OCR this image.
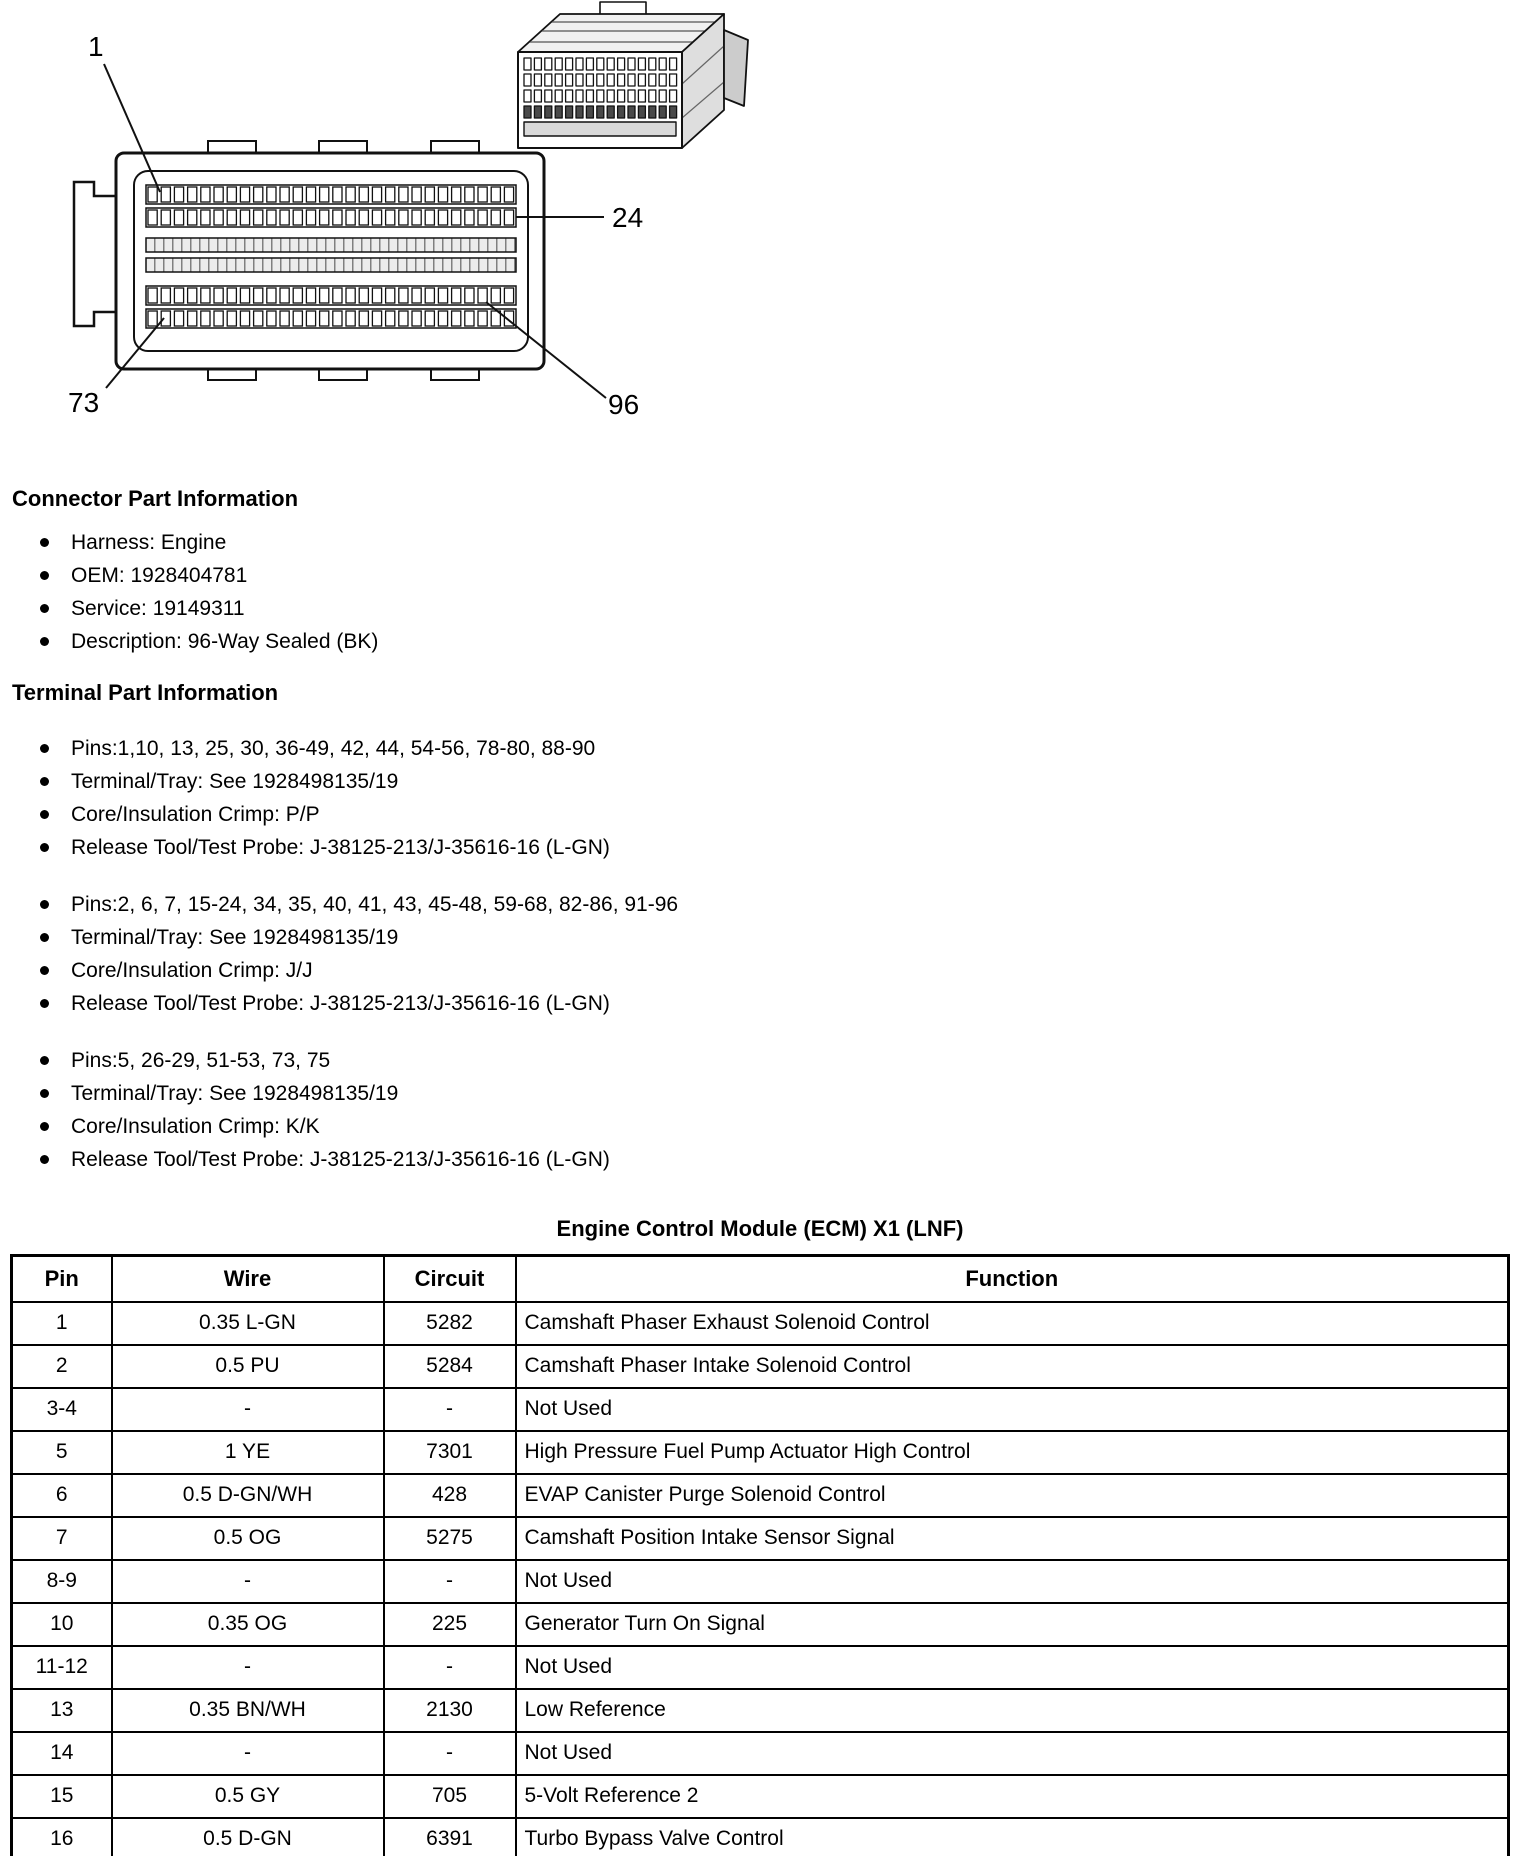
1
24
73	96
Connector Part Information
Harness: Engine
OEM: 1928404781
Service: 19149311
Description: 96-Way Sealed (BK)
Terminal Part Information
Pins:1,10, 13, 25, 30, 36-49, 42, 44, 54-56, 78-80, 88-90
Terminal/Tray: See 1928498135/19
Core/Insulation Crimp: P/P
Release Tool/Test Probe: J-38125-213/J-35616-16 (L-GN)
Pins:2, 6, 7, 15-24, 34, 35, 40, 41, 43, 45-48, 59-68, 82-86, 91-96
Terminal/Tray: See 1928498135/19
Core/Insulation Crimp: J/J
Release Tool/Test Probe: J-38125-213/J-35616-16 (L-GN)
Pins:5, 26-29, 51-53, 73, 75
Terminal/Tray: See 1928498135/19
Core/Insulation Crimp: K/K
Release Tool/Test Probe: J-38125-213/J-35616-16 (L-GN)
Engine Control Module (ECM) X1 (LNF)
Pin	Wire	Circuit	Function
1	0.35 L-GN	5282	Camshaft Phaser Exhaust Solenoid Control
2	0.5 PU	5284	Camshaft Phaser Intake Solenoid Control
3-4	-	-	Not Used
5	1 YE	7301	High Pressure Fuel Pump Actuator High Control
6	0.5 D-GN/WH	428	EVAP Canister Purge Solenoid Control
7	0.5 OG	5275	Camshaft Position Intake Sensor Signal
8-9	-	-	Not Used
10	0.35 OG	225	Generator Turn On Signal
11-12	-	-	Not Used
13	0.35 BN/WH	2130	Low Reference
14	-	-	Not Used
15	0.5 GY	705	5-Volt Reference 2
16	0.5 D-GN	6391	Turbo Bypass Valve Control
